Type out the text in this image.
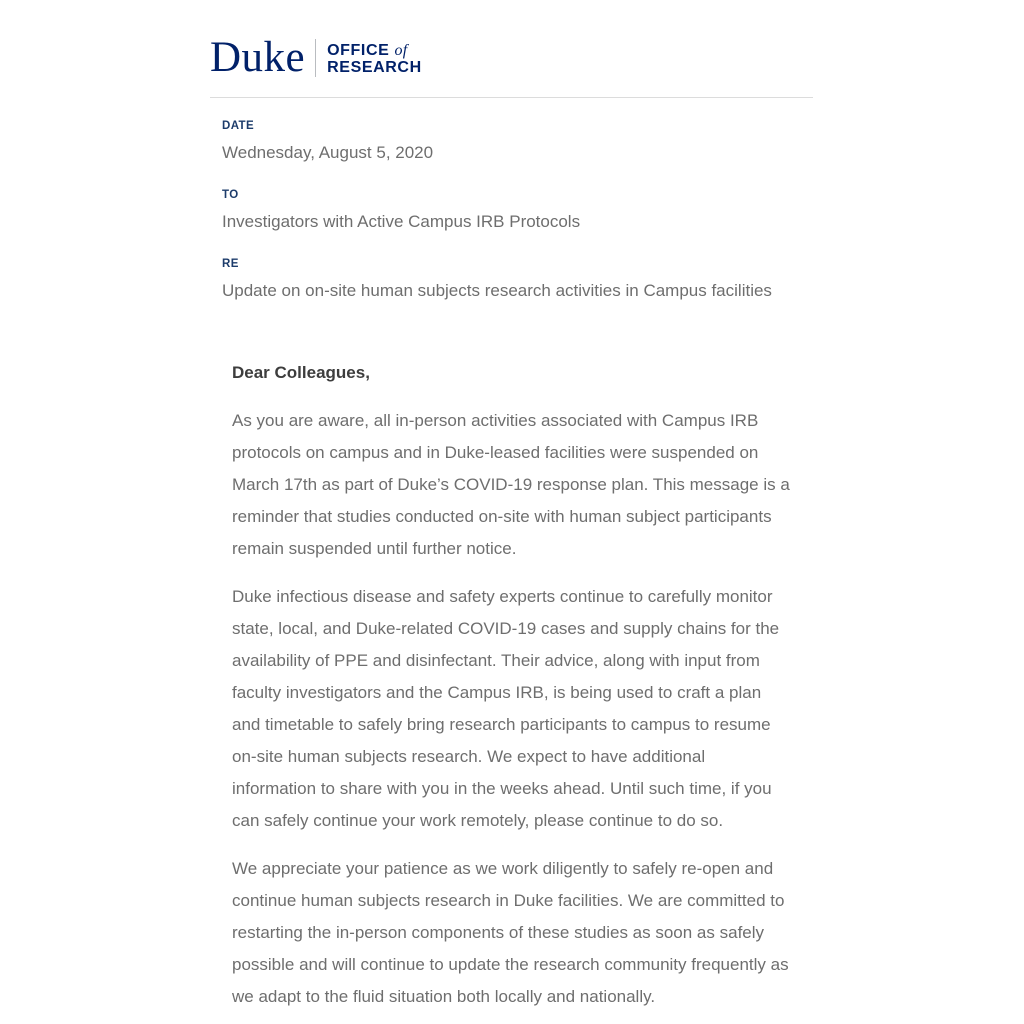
Duke OFFICE of
RESEARCH
DATE
Wednesday, August 5, 2020
TO
Investigators with Active Campus IRB Protocols
RE
Update on on-site human subjects research activities in Campus facilities
Dear Colleagues,

As you are aware, all in-person activities associated with Campus IRB protocols on campus and in Duke-leased facilities were suspended on March 17th as part of Duke’s COVID-19 response plan. This message is a reminder that studies conducted on-site with human subject participants remain suspended until further notice.

Duke infectious disease and safety experts continue to carefully monitor state, local, and Duke-related COVID-19 cases and supply chains for the availability of PPE and disinfectant. Their advice, along with input from faculty investigators and the Campus IRB, is being used to craft a plan and timetable to safely bring research participants to campus to resume on-site human subjects research. We expect to have additional information to share with you in the weeks ahead. Until such time, if you can safely continue your work remotely, please continue to do so.

We appreciate your patience as we work diligently to safely re-open and continue human subjects research in Duke facilities. We are committed to restarting the in-person components of these studies as soon as safely possible and will continue to update the research community frequently as we adapt to the fluid situation both locally and nationally.
